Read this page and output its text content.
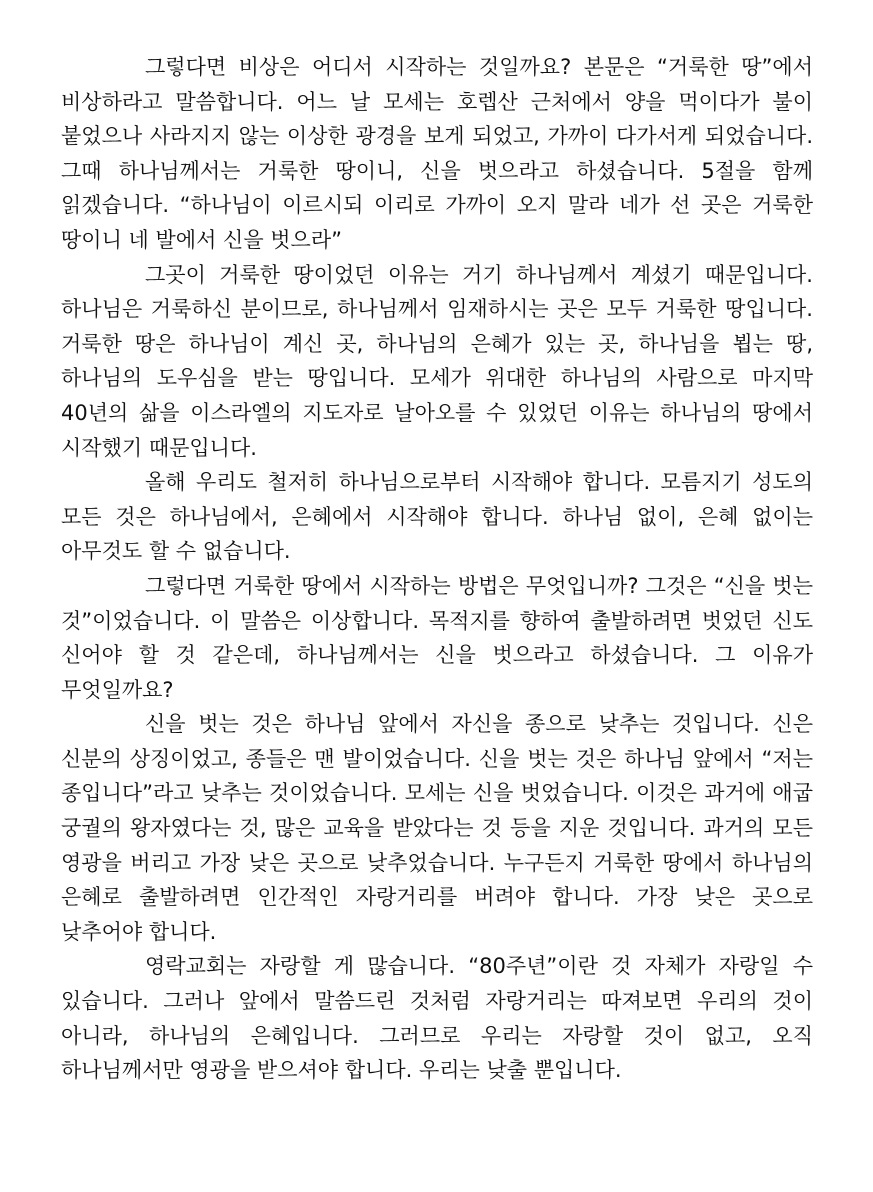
그렇다면 비상은 어디서 시작하는 것일까요? 본문은 “거룩한 땅”에서 비상하라고 말씀합니다. 어느 날 모세는 호렙산 근처에서 양을 먹이다가 불이 붙었으나 사라지지 않는 이상한 광경을 보게 되었고, 가까이 다가서게 되었습니다. 그때 하나님께서는 거룩한 땅이니, 신을 벗으라고 하셨습니다. 5절을 함께 읽겠습니다. “하나님이 이르시되 이리로 가까이 오지 말라 네가 선 곳은 거룩한 땅이니 네 발에서 신을 벗으라”

그곳이 거룩한 땅이었던 이유는 거기 하나님께서 계셨기 때문입니다. 하나님은 거룩하신 분이므로, 하나님께서 임재하시는 곳은 모두 거룩한 땅입니다. 거룩한 땅은 하나님이 계신 곳, 하나님의 은혜가 있는 곳, 하나님을 뵙는 땅, 하나님의 도우심을 받는 땅입니다. 모세가 위대한 하나님의 사람으로 마지막 40년의 삶을 이스라엘의 지도자로 날아오를 수 있었던 이유는 하나님의 땅에서 시작했기 때문입니다.

올해 우리도 철저히 하나님으로부터 시작해야 합니다. 모름지기 성도의 모든 것은 하나님에서, 은혜에서 시작해야 합니다. 하나님 없이, 은혜 없이는 아무것도 할 수 없습니다.

그렇다면 거룩한 땅에서 시작하는 방법은 무엇입니까? 그것은 “신을 벗는 것”이었습니다. 이 말씀은 이상합니다. 목적지를 향하여 출발하려면 벗었던 신도 신어야 할 것 같은데, 하나님께서는 신을 벗으라고 하셨습니다. 그 이유가 무엇일까요?

신을 벗는 것은 하나님 앞에서 자신을 종으로 낮추는 것입니다. 신은 신분의 상징이었고, 종들은 맨 발이었습니다. 신을 벗는 것은 하나님 앞에서 “저는 종입니다”라고 낮추는 것이었습니다. 모세는 신을 벗었습니다. 이것은 과거에 애굽 궁궐의 왕자였다는 것, 많은 교육을 받았다는 것 등을 지운 것입니다. 과거의 모든 영광을 버리고 가장 낮은 곳으로 낮추었습니다. 누구든지 거룩한 땅에서 하나님의 은혜로 출발하려면 인간적인 자랑거리를 버려야 합니다. 가장 낮은 곳으로 낮추어야 합니다.

영락교회는 자랑할 게 많습니다. “80주년”이란 것 자체가 자랑일 수 있습니다. 그러나 앞에서 말씀드린 것처럼 자랑거리는 따져보면 우리의 것이 아니라, 하나님의 은혜입니다. 그러므로 우리는 자랑할 것이 없고, 오직 하나님께서만 영광을 받으셔야 합니다. 우리는 낮출 뿐입니다.
